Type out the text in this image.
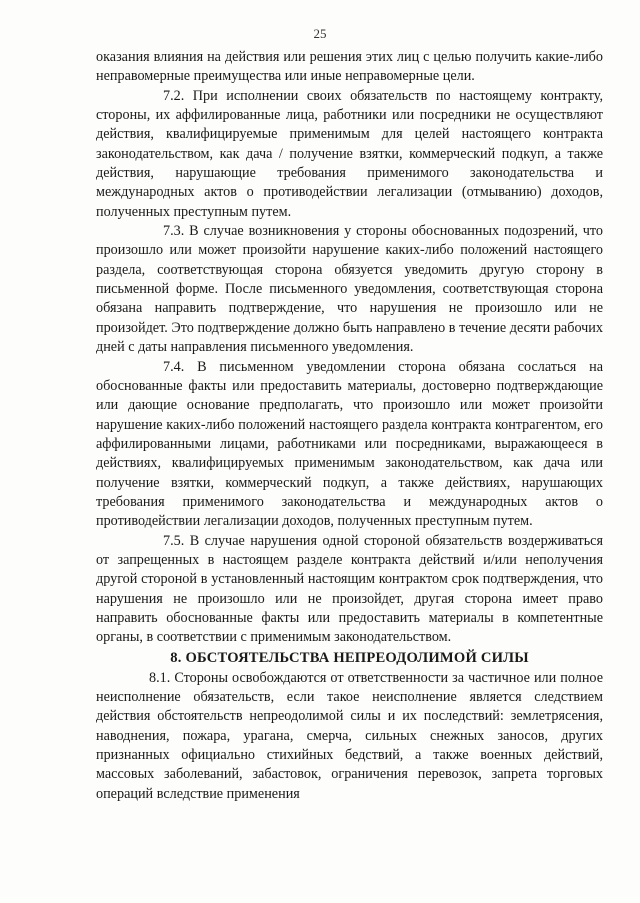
25

оказания влияния на действия или решения этих лиц с целью получить какие-либо неправомерные преимущества или иные неправомерные цели.

7.2. При исполнении своих обязательств по настоящему контракту, стороны, их аффилированные лица, работники или посредники не осуществляют действия, квалифицируемые применимым для целей настоящего контракта законодательством, как дача / получение взятки, коммерческий подкуп, а также действия, нарушающие требования применимого законодательства и международных актов о противодействии легализации (отмыванию) доходов, полученных преступным путем.

7.3. В случае возникновения у стороны обоснованных подозрений, что произошло или может произойти нарушение каких-либо положений настоящего раздела, соответствующая сторона обязуется уведомить другую сторону в письменной форме. После письменного уведомления, соответствующая сторона обязана направить подтверждение, что нарушения не произошло или не произойдет. Это подтверждение должно быть направлено в течение десяти рабочих дней с даты направления письменного уведомления.

7.4. В письменном уведомлении сторона обязана сослаться на обоснованные факты или предоставить материалы, достоверно подтверждающие или дающие основание предполагать, что произошло или может произойти нарушение каких-либо положений настоящего раздела контракта контрагентом, его аффилированными лицами, работниками или посредниками, выражающееся в действиях, квалифицируемых применимым законодательством, как дача или получение взятки, коммерческий подкуп, а также действиях, нарушающих требования применимого законодательства и международных актов о противодействии легализации доходов, полученных преступным путем.

7.5. В случае нарушения одной стороной обязательств воздерживаться от запрещенных в настоящем разделе контракта действий и/или неполучения другой стороной в установленный настоящим контрактом срок подтверждения, что нарушения не произошло или не произойдет, другая сторона имеет право направить обоснованные факты или предоставить материалы в компетентные органы, в соответствии с применимым законодательством.

8. ОБСТОЯТЕЛЬСТВА НЕПРЕОДОЛИМОЙ СИЛЫ

8.1. Стороны освобождаются от ответственности за частичное или полное неисполнение обязательств, если такое неисполнение является следствием действия обстоятельств непреодолимой силы и их последствий: землетрясения, наводнения, пожара, урагана, смерча, сильных снежных заносов, других признанных официально стихийных бедствий, а также военных действий, массовых заболеваний, забастовок, ограничения перевозок, запрета торговых операций вследствие применения
